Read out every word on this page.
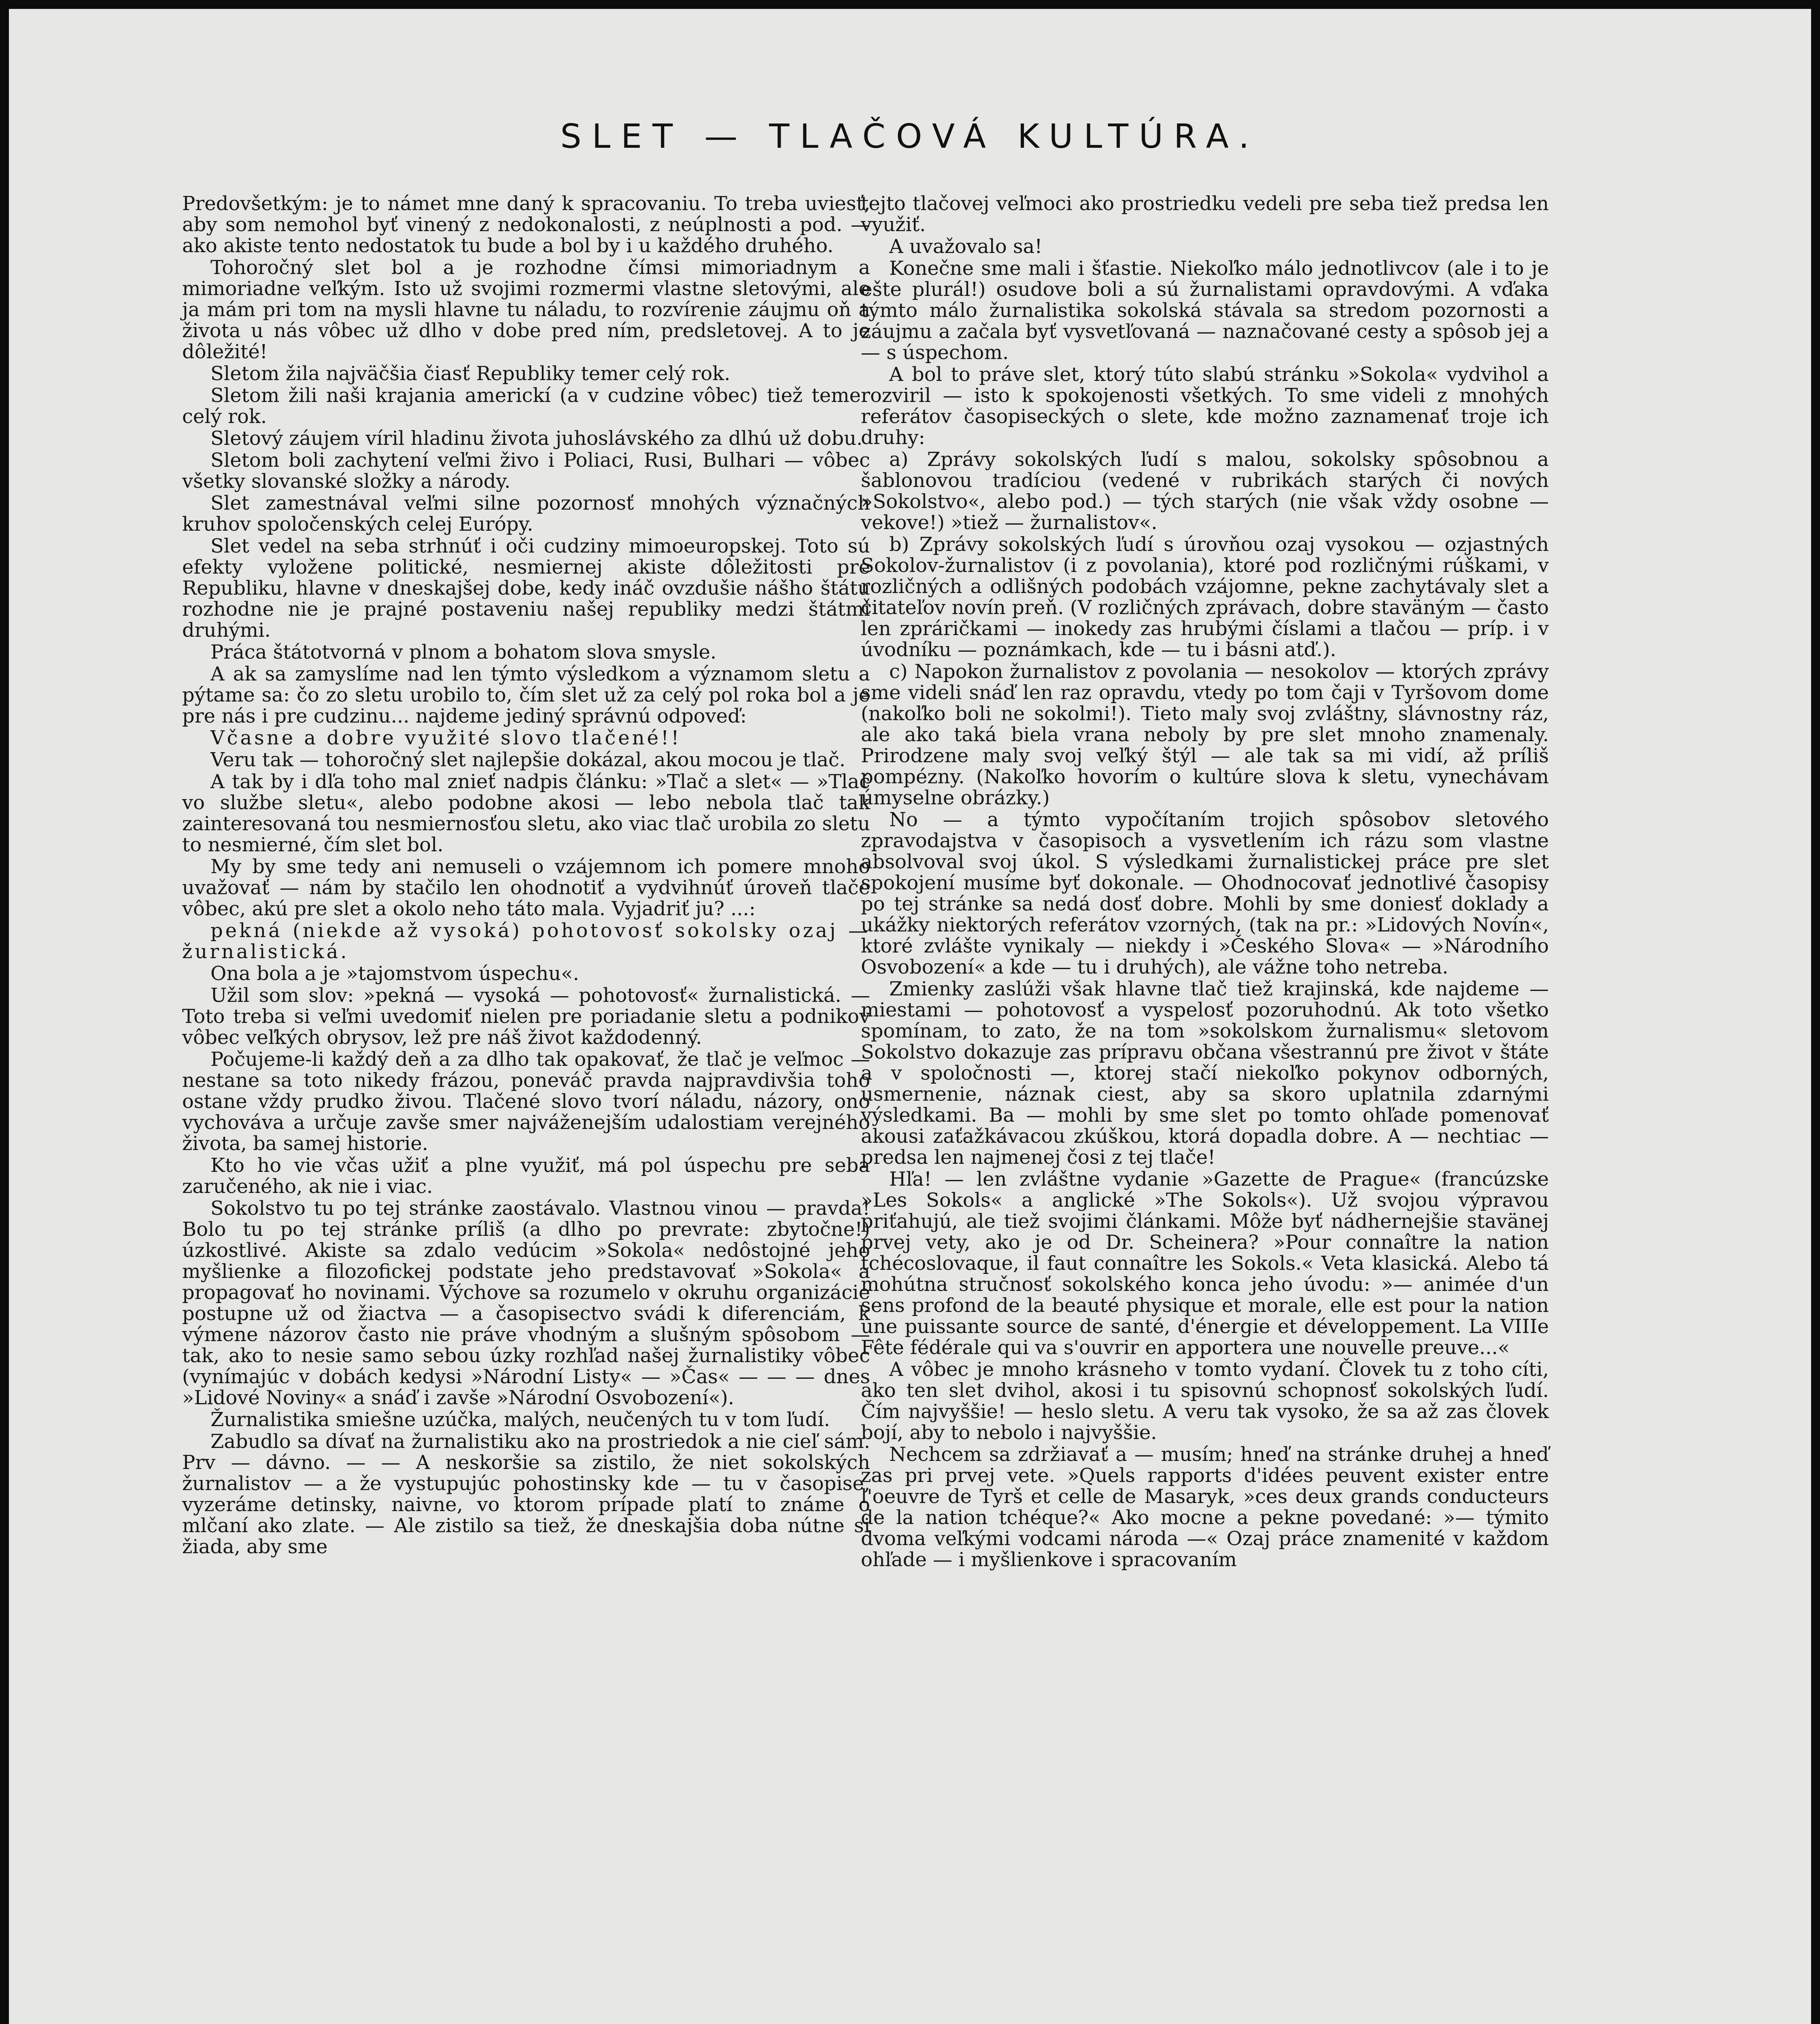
SLET — TLAČOVÁ KULTÚRA.

Predovšetkým: je to námet mne daný k spracovaniu. To treba uviesť, aby som nemohol byť vinený z nedokonalosti, z neúplnosti a pod. — ako akiste tento nedostatok tu bude a bol by i u každého druhého.

Tohoročný slet bol a je rozhodne čímsi mimoriadnym a mimoriadne veľkým. Isto už svojimi rozmermi vlastne sletovými, ale ja mám pri tom na mysli hlavne tu náladu, to rozvírenie záujmu oň a života u nás vôbec už dlho v dobe pred ním, predsletovej. A to je dôležité!

Sletom žila najväčšia čiasť Republiky temer celý rok.

Sletom žili naši krajania americkí (a v cudzine vôbec) tiež temer celý rok.

Sletový záujem víril hladinu života juhoslávského za dlhú už dobu.

Sletom boli zachytení veľmi živo i Poliaci, Rusi, Bulhari — vôbec všetky slovanské složky a národy.

Slet zamestnával veľmi silne pozornosť mnohých význačných kruhov spoločenských celej Európy.

Slet vedel na seba strhnúť i oči cudziny mimoeuropskej. Toto sú efekty vyložene politické, nesmiernej akiste dôležitosti pre Republiku, hlavne v dneskajšej dobe, kedy ináč ovzdušie nášho štátu rozhodne nie je prajné postaveniu našej republiky medzi štátmi druhými.

Práca štátotvorná v plnom a bohatom slova smysle.

A ak sa zamyslíme nad len týmto výsledkom a významom sletu a pýtame sa: čo zo sletu urobilo to, čím slet už za celý pol roka bol a je pre nás i pre cudzinu... najdeme jediný správnú odpoveď:

Včasne a dobre využité slovo tlačené!!

Veru tak — tohoročný slet najlepšie dokázal, akou mocou je tlač.

A tak by i dľa toho mal znieť nadpis článku: »Tlač a slet« — »Tlač vo službe sletu«, alebo podobne akosi — lebo nebola tlač tak zainteresovaná tou nesmiernosťou sletu, ako viac tlač urobila zo sletu to nesmierné, čím slet bol.

My by sme tedy ani nemuseli o vzájemnom ich pomere mnoho uvažovať — nám by stačilo len ohodnotiť a vydvihnúť úroveň tlače vôbec, akú pre slet a okolo neho táto mala. Vyjadriť ju? ...:

pekná (niekde až vysoká) pohotovosť sokolsky ozaj — žurnalistická.

Ona bola a je »tajomstvom úspechu«.

Užil som slov: »pekná — vysoká — pohotovosť« žurnalistická. — Toto treba si veľmi uvedomiť nielen pre poriadanie sletu a podnikov vôbec veľkých obrysov, lež pre náš život každodenný.

Počujeme-li každý deň a za dlho tak opakovať, že tlač je veľmoc — nestane sa toto nikedy frázou, poneváč pravda najpravdivšia toho ostane vždy prudko živou. Tlačené slovo tvorí náladu, názory, ono vychováva a určuje zavše smer najváženejším udalostiam verejného života, ba samej historie.

Kto ho vie včas užiť a plne využiť, má pol úspechu pre seba zaručeného, ak nie i viac.

Sokolstvo tu po tej stránke zaostávalo. Vlastnou vinou — pravda! Bolo tu po tej stránke príliš (a dlho po prevrate: zbytočne!) úzkostlivé. Akiste sa zdalo vedúcim »Sokola« nedôstojné jeho myšlienke a filozofickej podstate jeho predstavovať »Sokola« a propagovať ho novinami. Výchove sa rozumelo v okruhu organizácie postupne už od žiactva — a časopisectvo svádi k diferenciám, k výmene názorov často nie práve vhodným a slušným spôsobom — tak, ako to nesie samo sebou úzky rozhľad našej žurnalistiky vôbec (vynímajúc v dobách kedysi »Národní Listy« — »Čas« — — — dnes »Lidové Noviny« a snáď i zavše »Národní Osvobození«).

Žurnalistika smiešne uzúčka, malých, neučených tu v tom ľudí.

Zabudlo sa dívať na žurnalistiku ako na prostriedok a nie cieľ sám. Prv — dávno. — — A neskoršie sa zistilo, že niet sokolských žurnalistov — a že vystupujúc pohostinsky kde — tu v časopise, vyzeráme detinsky, naivne, vo ktorom prípade platí to známe o mlčaní ako zlate. — Ale zistilo sa tiež, že dneskajšia doba nútne si žiada, aby sme

tejto tlačovej veľmoci ako prostriedku vedeli pre seba tiež predsa len využiť.

A uvažovalo sa!

Konečne sme mali i šťastie. Niekoľko málo jednotlivcov (ale i to je ešte plurál!) osudove boli a sú žurnalistami opravdovými. A vďaka týmto málo žurnalistika sokolská stávala sa stredom pozornosti a záujmu a začala byť vysvetľovaná — naznačované cesty a spôsob jej a — s úspechom.

A bol to práve slet, ktorý túto slabú stránku »Sokola« vydvihol a rozviril — isto k spokojenosti všetkých. To sme videli z mnohých referátov časopiseckých o slete, kde možno zaznamenať troje ich druhy:

a) Zprávy sokolských ľudí s malou, sokolsky spôsobnou a šablonovou tradíciou (vedené v rubrikách starých či nových »Sokolstvo«, alebo pod.) — tých starých (nie však vždy osobne — vekove!) »tiež — žurnalistov«.

b) Zprávy sokolských ľudí s úrovňou ozaj vysokou — ozjastných Sokolov-žurnalistov (i z povolania), ktoré pod rozličnými rúškami, v rozličných a odlišných podobách vzájomne, pekne zachytávaly slet a čitateľov novín preň. (V rozličných zprávach, dobre staväným — často len zpráričkami — inokedy zas hrubými číslami a tlačou — príp. i v úvodníku — poznámkach, kde — tu i básni atď.).

c) Napokon žurnalistov z povolania — nesokolov — ktorých zprávy sme videli snáď len raz opravdu, vtedy po tom čaji v Tyršovom dome (nakoľko boli ne sokolmi!). Tieto maly svoj zvláštny, slávnostny ráz, ale ako taká biela vrana neboly by pre slet mnoho znamenaly. Prirodzene maly svoj veľký štýl — ale tak sa mi vidí, až príliš pompézny. (Nakoľko hovorím o kultúre slova k sletu, vynechávam úmyselne obrázky.)

No — a týmto vypočítaním trojich spôsobov sletového zpravodajstva v časopisoch a vysvetlením ich rázu som vlastne absolvoval svoj úkol. S výsledkami žurnalistickej práce pre slet spokojení musíme byť dokonale. — Ohodnocovať jednotlivé časopisy po tej stránke sa nedá dosť dobre. Mohli by sme doniesť doklady a ukážky niektorých referátov vzorných, (tak na pr.: »Lidových Novín«, ktoré zvlášte vynikaly — niekdy i »Českého Slova« — »Národního Osvobození« a kde — tu i druhých), ale vážne toho netreba.

Zmienky zaslúži však hlavne tlač tiež krajinská, kde najdeme — miestami — pohotovosť a vyspelosť pozoruhodnú. Ak toto všetko spomínam, to zato, že na tom »sokolskom žurnalismu« sletovom Sokolstvo dokazuje zas prípravu občana všestrannú pre život v štáte a v spoločnosti —, ktorej stačí niekoľko pokynov odborných, usmernenie, náznak ciest, aby sa skoro uplatnila zdarnými výsledkami. Ba — mohli by sme slet po tomto ohľade pomenovať akousi zaťažkávacou zkúškou, ktorá dopadla dobre. A — nechtiac — predsa len najmenej čosi z tej tlače!

Hľa! — len zvláštne vydanie »Gazette de Prague« (francúzske »Les Sokols« a anglické »The Sokols«). Už svojou výpravou priťahujú, ale tiež svojimi článkami. Môže byť nádhernejšie stavänej prvej vety, ako je od Dr. Scheinera? »Pour connaître la nation tchécoslovaque, il faut connaître les Sokols.« Veta klasická. Alebo tá mohútna stručnosť sokolského konca jeho úvodu: »— animée d'un sens profond de la beauté physique et morale, elle est pour la nation une puissante source de santé, d'énergie et développement. La VIIIe Fête fédérale qui va s'ouvrir en apportera une nouvelle preuve...«

A vôbec je mnoho krásneho v tomto vydaní. Človek tu z toho cíti, ako ten slet dvihol, akosi i tu spisovnú schopnosť sokolských ľudí. Čím najvyššie! — heslo sletu. A veru tak vysoko, že sa až zas človek bojí, aby to nebolo i najvyššie.

Nechcem sa zdržiavať a — musím; hneď na stránke druhej a hneď zas pri prvej vete. »Quels rapports d'idées peuvent exister entre l'oeuvre de Tyrš et celle de Masaryk, »ces deux grands conducteurs de la nation tchéque?« Ako mocne a pekne povedané: »— týmito dvoma veľkými vodcami národa —« Ozaj práce znamenité v každom ohľade — i myšlienkove i spracovaním
